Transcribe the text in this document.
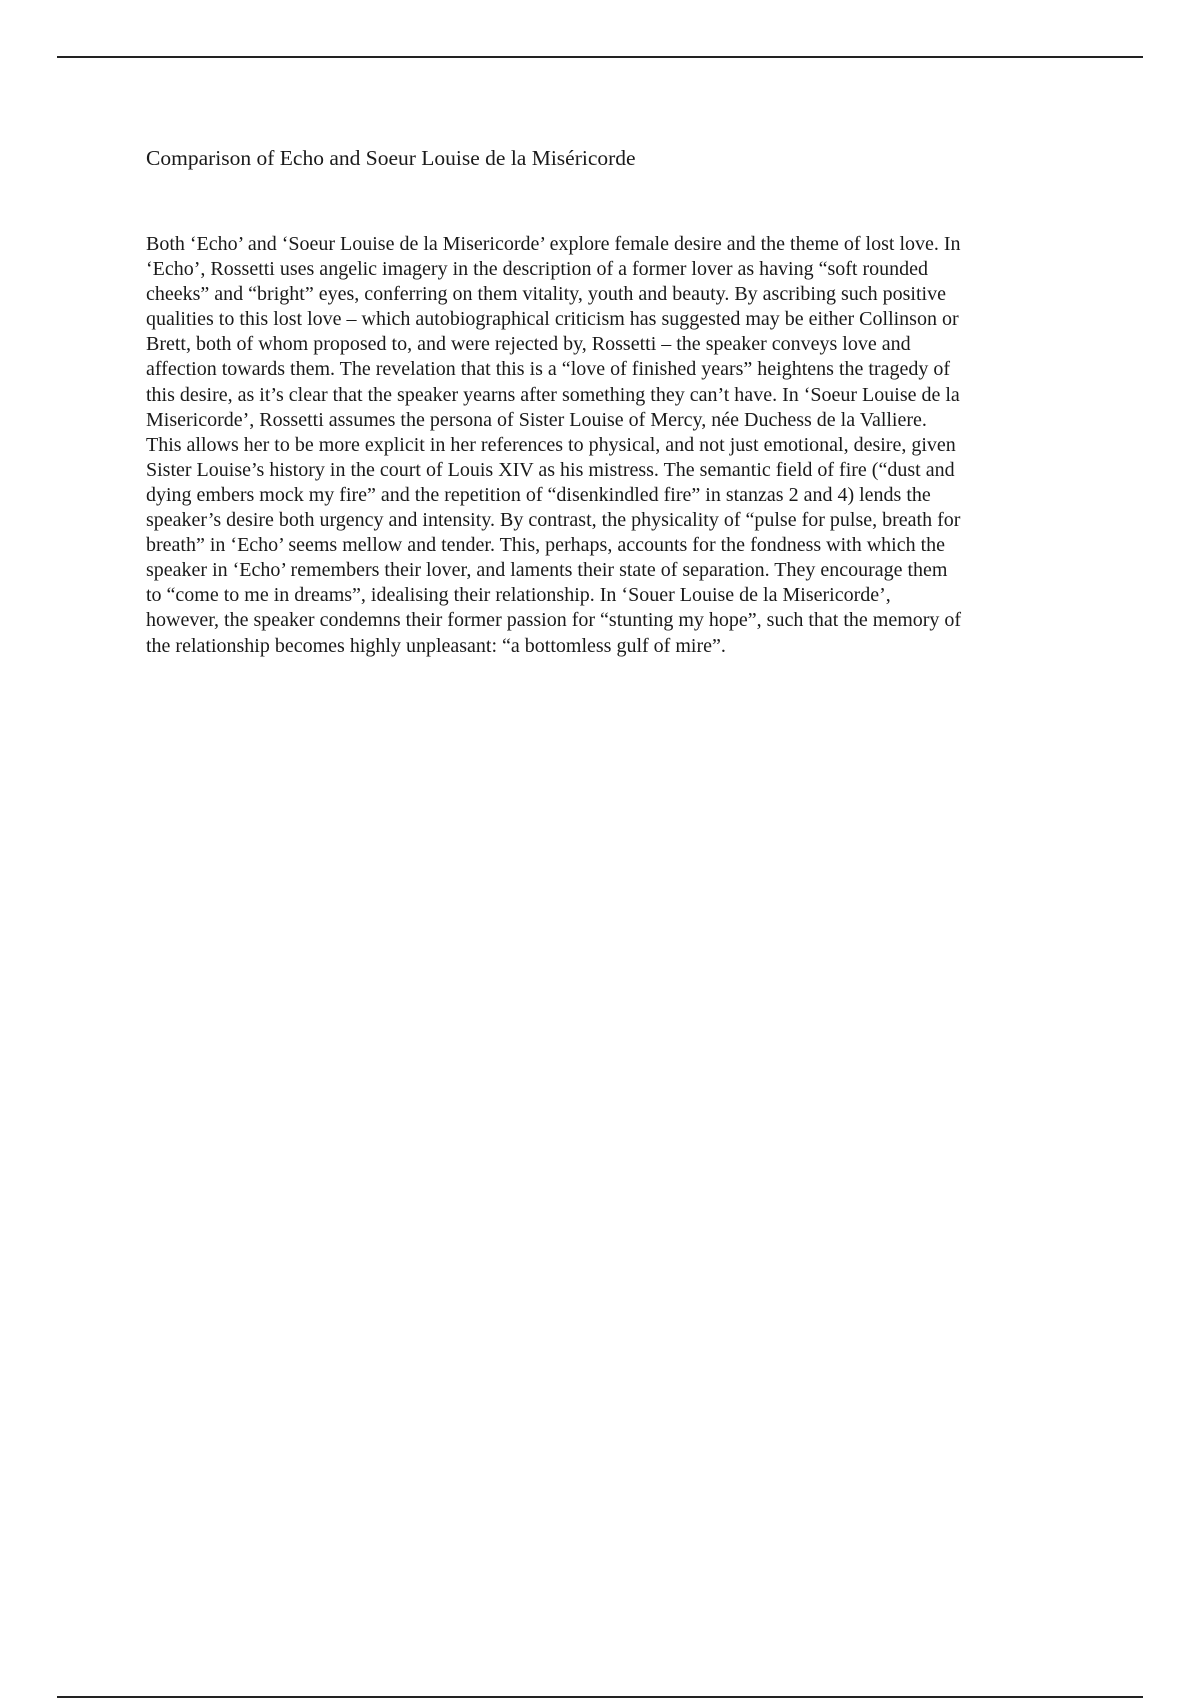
Comparison of Echo and Soeur Louise de la Miséricorde
Both ‘Echo’ and ‘Soeur Louise de la Misericorde’ explore female desire and the theme of lost love. In
‘Echo’, Rossetti uses angelic imagery in the description of a former lover as having “soft rounded
cheeks” and “bright” eyes, conferring on them vitality, youth and beauty. By ascribing such positive
qualities to this lost love – which autobiographical criticism has suggested may be either Collinson or
Brett, both of whom proposed to, and were rejected by, Rossetti – the speaker conveys love and
affection towards them. The revelation that this is a “love of finished years” heightens the tragedy of
this desire, as it’s clear that the speaker yearns after something they can’t have. In ‘Soeur Louise de la
Misericorde’, Rossetti assumes the persona of Sister Louise of Mercy, née Duchess de la Valliere.
This allows her to be more explicit in her references to physical, and not just emotional, desire, given
Sister Louise’s history in the court of Louis XIV as his mistress. The semantic field of fire (“dust and
dying embers mock my fire” and the repetition of “disenkindled fire” in stanzas 2 and 4) lends the
speaker’s desire both urgency and intensity. By contrast, the physicality of “pulse for pulse, breath for
breath” in ‘Echo’ seems mellow and tender. This, perhaps, accounts for the fondness with which the
speaker in ‘Echo’ remembers their lover, and laments their state of separation. They encourage them
to “come to me in dreams”, idealising their relationship. In ‘Souer Louise de la Misericorde’,
however, the speaker condemns their former passion for “stunting my hope”, such that the memory of
the relationship becomes highly unpleasant: “a bottomless gulf of mire”.
